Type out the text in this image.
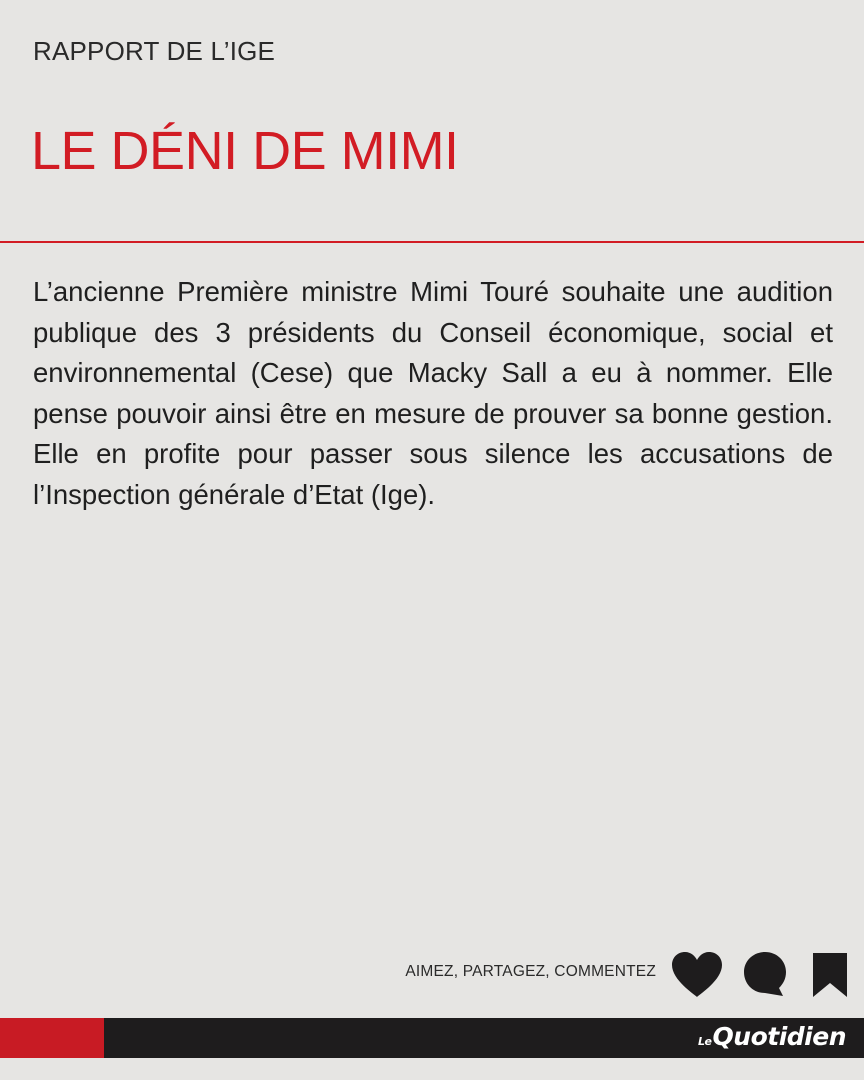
RAPPORT DE L’IGE
LE DÉNI DE MIMI

L’ancienne Première ministre Mimi Touré souhaite une audition publique des 3 présidents du Conseil économique, social et environnemental (Cese) que Macky Sall a eu à nommer. Elle pense pouvoir ainsi être en mesure de prouver sa bonne gestion. Elle en profite pour passer sous silence les accusations de l’Inspection générale d’Etat (Ige).

AIMEZ, PARTAGEZ, COMMENTEZ
Le Quotidien
